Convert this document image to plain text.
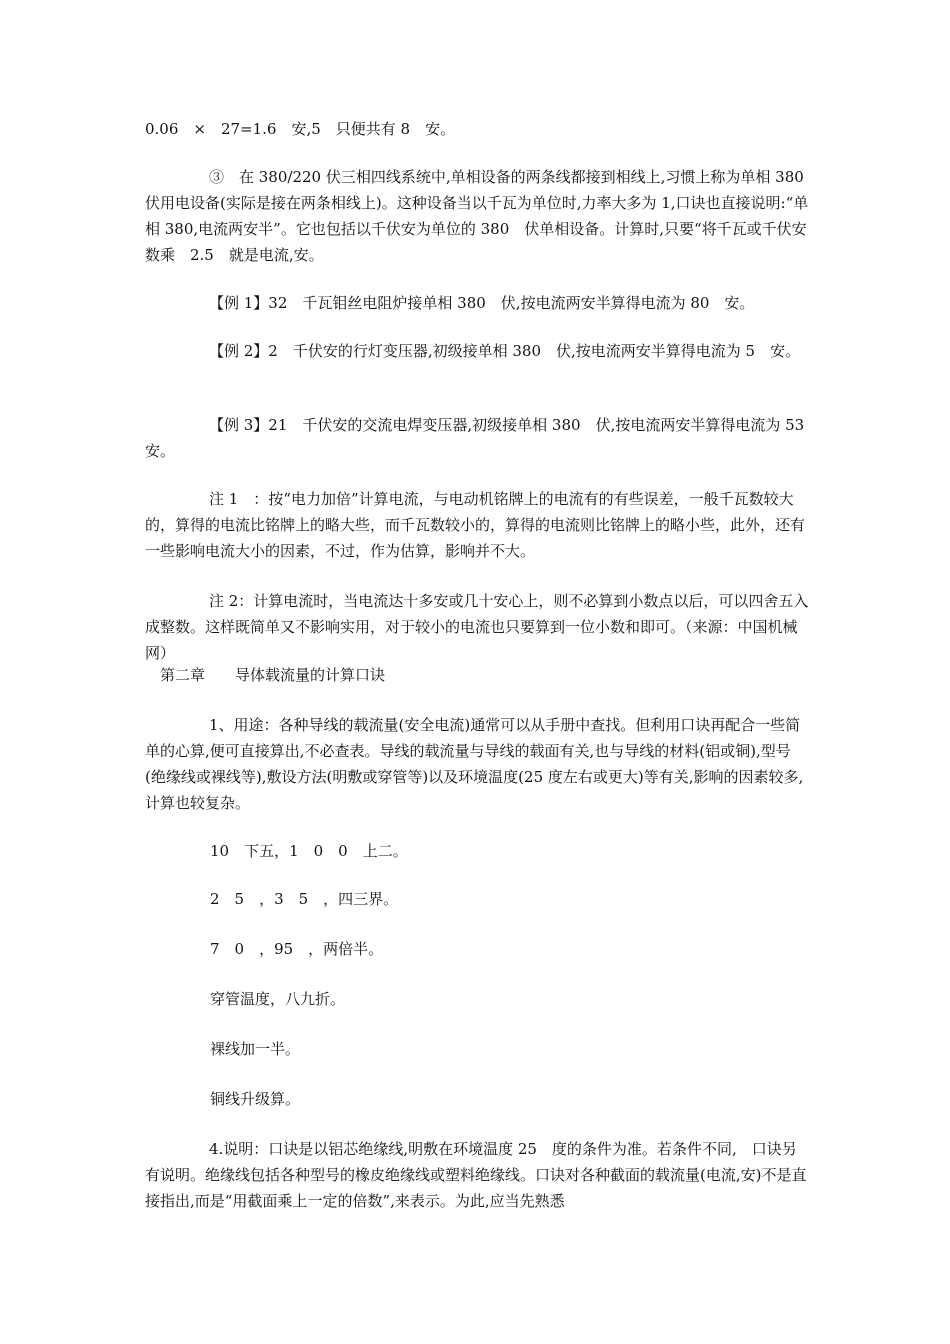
0.06　×　27=1.6　安,5　只便共有 8　安。

③　在 380/220 伏三相四线系统中,单相设备的两条线都接到相线上,习惯上称为单相 380　伏用电设备(实际是接在两条相线上)。这种设备当以千瓦为单位时,力率大多为 1,口诀也直接说明:“单相 380,电流两安半”。它也包括以千伏安为单位的 380　伏单相设备。计算时,只要“将千瓦或千伏安数乘　2.5　就是电流,安。

【例 1】32　千瓦钼丝电阻炉接单相 380　伏,按电流两安半算得电流为 80　安。

【例 2】2　千伏安的行灯变压器,初级接单相 380　伏,按电流两安半算得电流为 5　安。

【例 3】21　千伏安的交流电焊变压器,初级接单相 380　伏,按电流两安半算得电流为 53　安。

注 1　：按“电力加倍”计算电流，与电动机铭牌上的电流有的有些误差，一般千瓦数较大的，算得的电流比铭牌上的略大些，而千瓦数较小的，算得的电流则比铭牌上的略小些，此外，还有一些影响电流大小的因素，不过，作为估算，影响并不大。

注 2：计算电流时，当电流达十多安或几十安心上，则不必算到小数点以后，可以四舍五入成整数。这样既简单又不影响实用，对于较小的电流也只要算到一位小数和即可。（来源：中国机械网）

第二章　　导体载流量的计算口诀

1、用途：各种导线的载流量(安全电流)通常可以从手册中查找。但利用口诀再配合一些简单的心算,便可直接算出,不必查表。导线的载流量与导线的载面有关,也与导线的材料(铝或铜),型号(绝缘线或裸线等),敷设方法(明敷或穿管等)以及环境温度(25 度左右或更大)等有关,影响的因素较多,计算也较复杂。

10　下五，1　0　0　上二。

2　5　，3　5　，四三界。

7　0　，95　，两倍半。

穿管温度，八九折。

裸线加一半。

铜线升级算。

4.说明：口诀是以铝芯绝缘线,明敷在环境温度 25　度的条件为准。若条件不同,　口诀另有说明。绝缘线包括各种型号的橡皮绝缘线或塑料绝缘线。口诀对各种截面的载流量(电流,安)不是直接指出,而是“用截面乘上一定的倍数”,来表示。为此,应当先熟悉
